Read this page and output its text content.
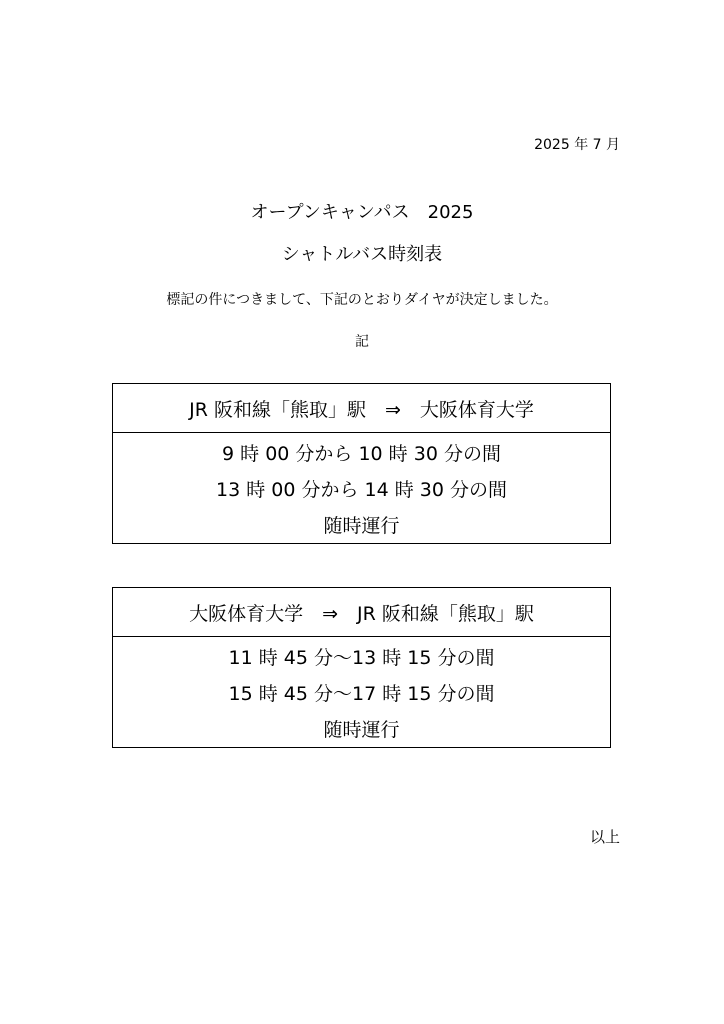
2025 年 7 月
オープンキャンパス　2025
シャトルバス時刻表
標記の件につきまして、下記のとおりダイヤが決定しました。
記
JR 阪和線「熊取」駅　⇒　大阪体育大学
9 時 00 分から 10 時 30 分の間
13 時 00 分から 14 時 30 分の間
随時運行
大阪体育大学　⇒　JR 阪和線「熊取」駅
11 時 45 分～13 時 15 分の間
15 時 45 分～17 時 15 分の間
随時運行
以上
